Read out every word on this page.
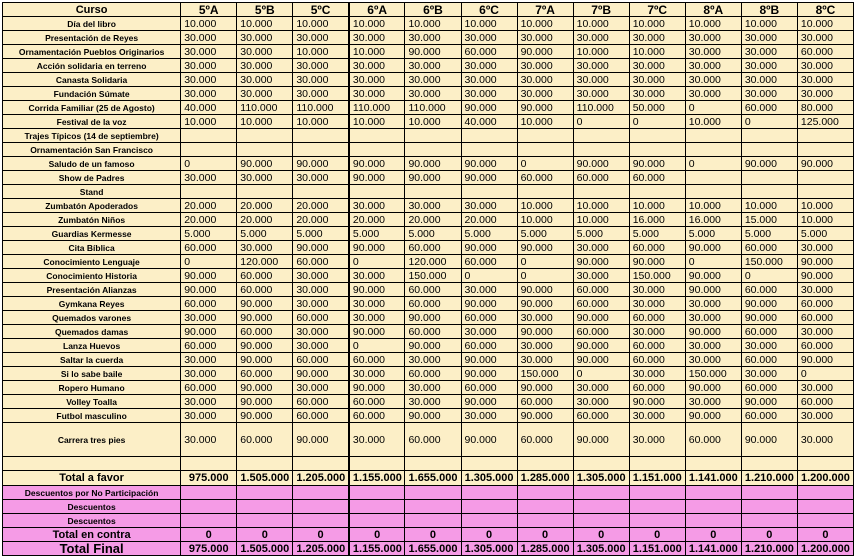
Curso	5ºA	5ºB	5ºC	6ºA	6ºB	6ºC	7ºA	7ºB	7ºC	8ºA	8ºB	8ºC
Día del libro	10.000	10.000	10.000	10.000	10.000	10.000	10.000	10.000	10.000	10.000	10.000	10.000
Presentación de Reyes	30.000	30.000	30.000	30.000	30.000	30.000	30.000	30.000	30.000	30.000	30.000	30.000
Ornamentación Pueblos Originarios	30.000	30.000	10.000	10.000	90.000	60.000	90.000	10.000	10.000	30.000	30.000	60.000
Acción solidaria en terreno	30.000	30.000	30.000	30.000	30.000	30.000	30.000	30.000	30.000	30.000	30.000	30.000
Canasta Solidaria	30.000	30.000	30.000	30.000	30.000	30.000	30.000	30.000	30.000	30.000	30.000	30.000
Fundación Súmate	30.000	30.000	30.000	30.000	30.000	30.000	30.000	30.000	30.000	30.000	30.000	30.000
Corrida Familiar (25 de Agosto)	40.000	110.000	110.000	110.000	110.000	90.000	90.000	110.000	50.000	0	60.000	80.000
Festival de la voz	10.000	10.000	10.000	10.000	10.000	40.000	10.000	0	0	10.000	0	125.000
Trajes Típicos (14 de septiembre)												
Ornamentación San Francisco												
Saludo de un famoso	0	90.000	90.000	90.000	90.000	90.000	0	90.000	90.000	0	90.000	90.000
Show de Padres	30.000	30.000	30.000	90.000	90.000	90.000	60.000	60.000	60.000			
Stand												
Zumbatón Apoderados	20.000	20.000	20.000	30.000	30.000	30.000	10.000	10.000	10.000	10.000	10.000	10.000
Zumbatón Niños	20.000	20.000	20.000	20.000	20.000	20.000	10.000	10.000	16.000	16.000	15.000	10.000
Guardias Kermesse	5.000	5.000	5.000	5.000	5.000	5.000	5.000	5.000	5.000	5.000	5.000	5.000
Cita Bíblica	60.000	30.000	90.000	90.000	60.000	90.000	90.000	30.000	60.000	90.000	60.000	30.000
Conocimiento Lenguaje	0	120.000	60.000	0	120.000	60.000	0	90.000	90.000	0	150.000	90.000
Conocimiento Historia	90.000	60.000	30.000	30.000	150.000	0	0	30.000	150.000	90.000	0	90.000
Presentación Alianzas	90.000	60.000	30.000	90.000	60.000	30.000	90.000	60.000	30.000	90.000	60.000	30.000
Gymkana Reyes	60.000	90.000	30.000	30.000	60.000	90.000	90.000	60.000	30.000	30.000	90.000	60.000
Quemados varones	30.000	90.000	60.000	30.000	90.000	60.000	30.000	90.000	60.000	30.000	90.000	60.000
Quemados damas	90.000	60.000	30.000	90.000	60.000	30.000	90.000	60.000	30.000	90.000	60.000	30.000
Lanza Huevos	60.000	90.000	30.000	0	90.000	60.000	30.000	90.000	60.000	30.000	30.000	60.000
Saltar la cuerda	30.000	90.000	60.000	60.000	30.000	90.000	30.000	90.000	60.000	30.000	60.000	90.000
Si lo sabe baile	30.000	60.000	90.000	30.000	60.000	90.000	150.000	0	30.000	150.000	30.000	0
Ropero Humano	60.000	90.000	30.000	90.000	30.000	60.000	90.000	30.000	60.000	90.000	60.000	30.000
Volley Toalla	30.000	90.000	60.000	60.000	30.000	90.000	60.000	30.000	90.000	30.000	90.000	60.000
Futbol masculino	30.000	90.000	60.000	60.000	90.000	30.000	90.000	60.000	30.000	90.000	60.000	30.000
Carrera tres pies	30.000	60.000	90.000	30.000	60.000	90.000	60.000	90.000	30.000	60.000	90.000	30.000

Total a favor	975.000	1.505.000	1.205.000	1.155.000	1.655.000	1.305.000	1.285.000	1.305.000	1.151.000	1.141.000	1.210.000	1.200.000
Descuentos por No Participación												
Descuentos												
Descuentos												
Total en contra	0	0	0	0	0	0	0	0	0	0	0	0
Total Final	975.000	1.505.000	1.205.000	1.155.000	1.655.000	1.305.000	1.285.000	1.305.000	1.151.000	1.141.000	1.210.000	1.200.000
